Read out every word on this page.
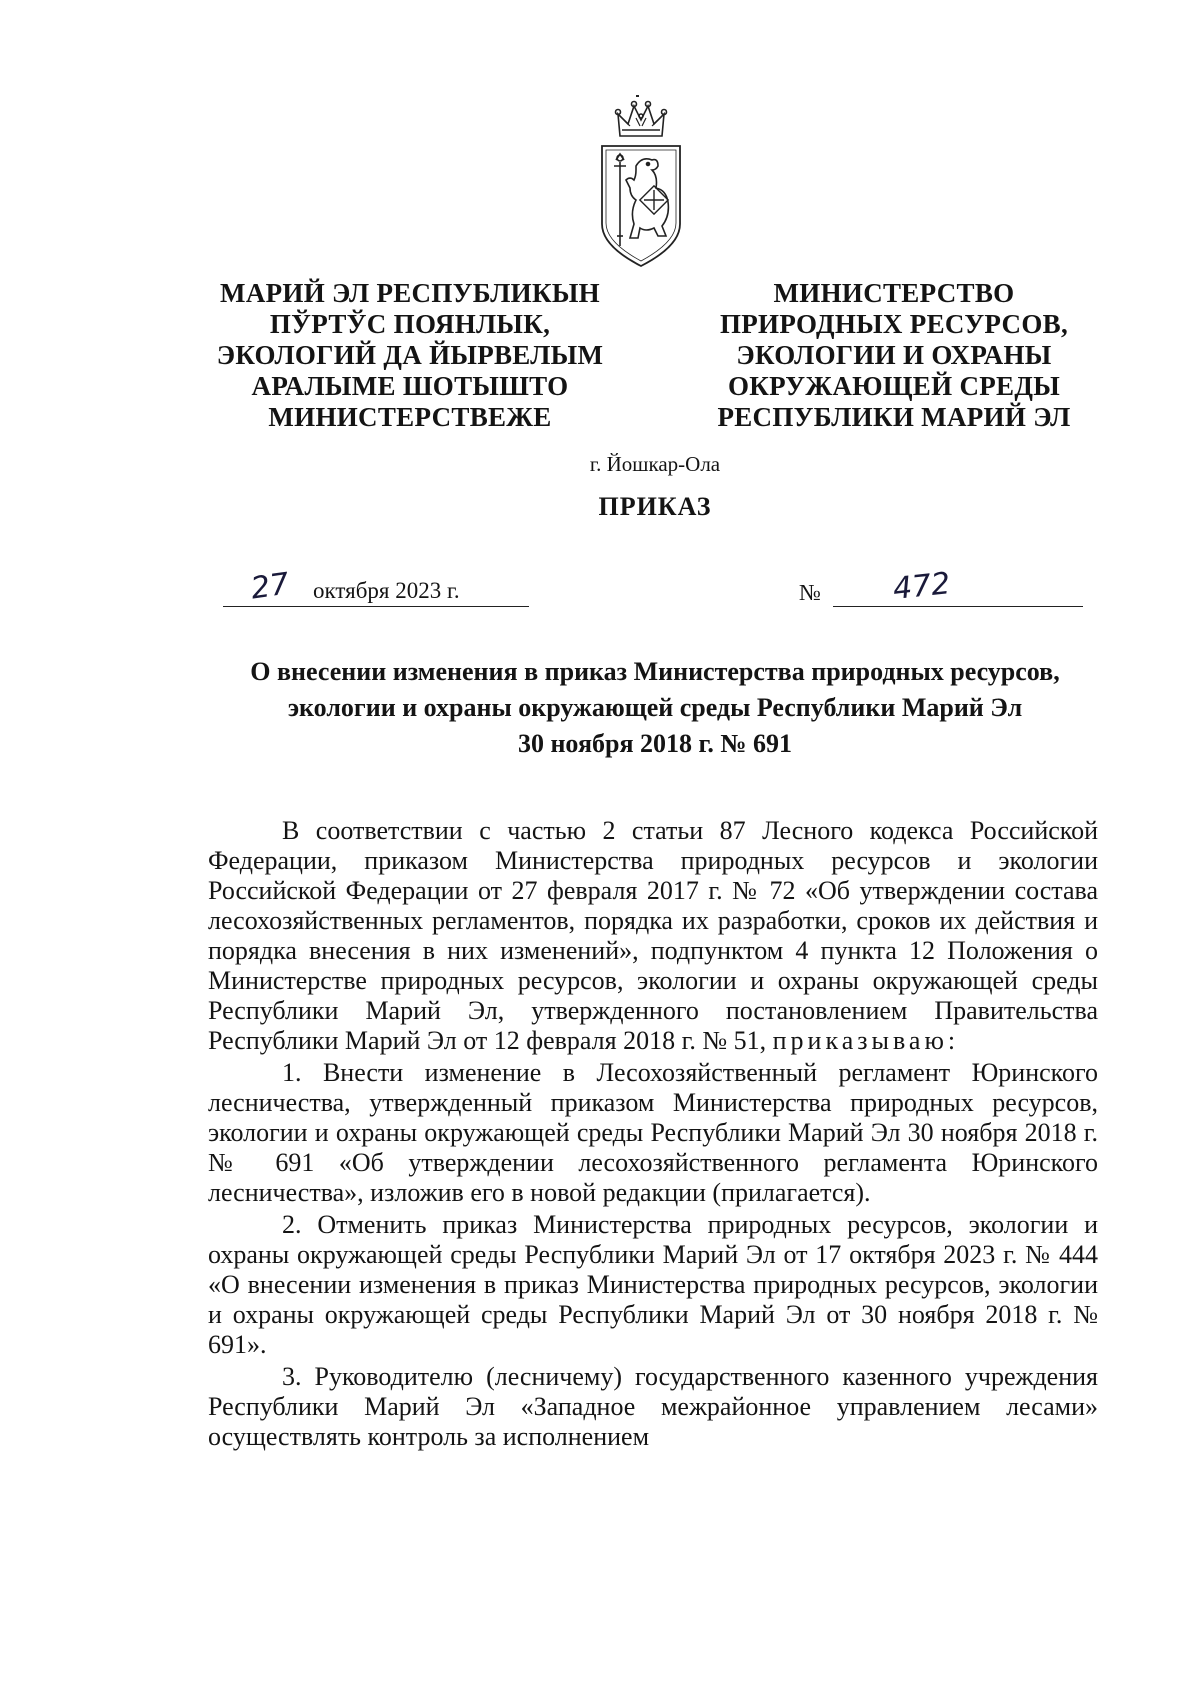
МАРИЙ ЭЛ РЕСПУБЛИКЫН
ПЎРТЎС ПОЯНЛЫК,
ЭКОЛОГИЙ ДА ЙЫРВЕЛЫМ
АРАЛЫМЕ ШОТЫШТО
МИНИСТЕРСТВЕЖЕ
МИНИСТЕРСТВО
ПРИРОДНЫХ РЕСУРСОВ,
ЭКОЛОГИИ И ОХРАНЫ
ОКРУЖАЮЩЕЙ СРЕДЫ
РЕСПУБЛИКИ МАРИЙ ЭЛ
г. Йошкар-Ола
ПРИКАЗ
27 октября 2023 г.	№ 472
О внесении изменения в приказ Министерства природных ресурсов,
экологии и охраны окружающей среды Республики Марий Эл
30 ноября 2018 г. № 691

В соответствии с частью 2 статьи 87 Лесного кодекса Российской Федерации, приказом Министерства природных ресурсов и экологии Российской Федерации от 27 февраля 2017 г. № 72 «Об утверждении состава лесохозяйственных регламентов, порядка их разработки, сроков их действия и порядка внесения в них изменений», подпунктом 4 пункта 12 Положения о Министерстве природных ресурсов, экологии и охраны окружающей среды Республики Марий Эл, утвержденного постановлением Правительства Республики Марий Эл от 12 февраля 2018 г. № 51, приказываю:

1. Внести изменение в Лесохозяйственный регламент Юринского лесничества, утвержденный приказом Министерства природных ресурсов, экологии и охраны окружающей среды Республики Марий Эл 30 ноября 2018 г. № 691 «Об утверждении лесохозяйственного регламента Юринского лесничества», изложив его в новой редакции (прилагается).

2. Отменить приказ Министерства природных ресурсов, экологии и охраны окружающей среды Республики Марий Эл от 17 октября 2023 г. № 444 «О внесении изменения в приказ Министерства природных ресурсов, экологии и охраны окружающей среды Республики Марий Эл от 30 ноября 2018 г. № 691».

3. Руководителю (лесничему) государственного казенного учреждения Республики Марий Эл «Западное межрайонное управлением лесами» осуществлять контроль за исполнением
